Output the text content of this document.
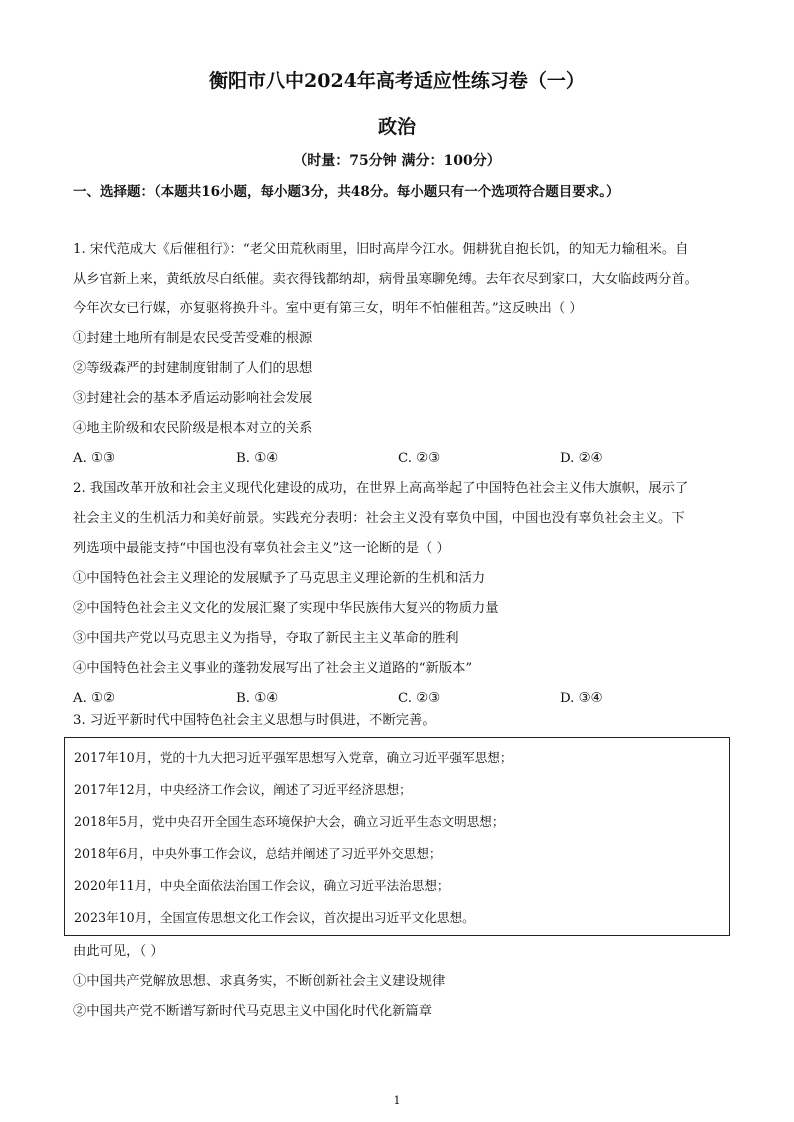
衡阳市八中2024年高考适应性练习卷（一）
政治
（时量：75分钟 满分：100分）
一、选择题：（本题共16小题，每小题3分，共48分。每小题只有一个选项符合题目要求。）
1. 宋代范成大《后催租行》：“老父田荒秋雨里，旧时高岸今江水。佣耕犹自抱长饥，的知无力输租米。自
从乡官新上来，黄纸放尽白纸催。卖衣得钱都纳却，病骨虽寒聊免缚。去年衣尽到家口，大女临歧两分首。
今年次女已行媒，亦复驱将换升斗。室中更有第三女，明年不怕催租苦。”这反映出（ ）
①封建土地所有制是农民受苦受难的根源
②等级森严的封建制度钳制了人们的思想
③封建社会的基本矛盾运动影响社会发展
④地主阶级和农民阶级是根本对立的关系
A. ①③	B. ①④	C. ②③	D. ②④
2. 我国改革开放和社会主义现代化建设的成功，在世界上高高举起了中国特色社会主义伟大旗帜，展示了
社会主义的生机活力和美好前景。实践充分表明：社会主义没有辜负中国，中国也没有辜负社会主义。下
列选项中最能支持“中国也没有辜负社会主义”这一论断的是（ ）
①中国特色社会主义理论的发展赋予了马克思主义理论新的生机和活力
②中国特色社会主义文化的发展汇聚了实现中华民族伟大复兴的物质力量
③中国共产党以马克思主义为指导，夺取了新民主主义革命的胜利
④中国特色社会主义事业的蓬勃发展写出了社会主义道路的“新版本”
A. ①②	B. ①④	C. ②③	D. ③④
3. 习近平新时代中国特色社会主义思想与时俱进，不断完善。
2017年10月，党的十九大把习近平强军思想写入党章，确立习近平强军思想；
2017年12月，中央经济工作会议，阐述了习近平经济思想；
2018年5月，党中央召开全国生态环境保护大会，确立习近平生态文明思想；
2018年6月，中央外事工作会议，总结并阐述了习近平外交思想；
2020年11月，中央全面依法治国工作会议，确立习近平法治思想；
2023年10月，全国宣传思想文化工作会议，首次提出习近平文化思想。
由此可见，（ ）
①中国共产党解放思想、求真务实，不断创新社会主义建设规律
②中国共产党不断谱写新时代马克思主义中国化时代化新篇章
1
